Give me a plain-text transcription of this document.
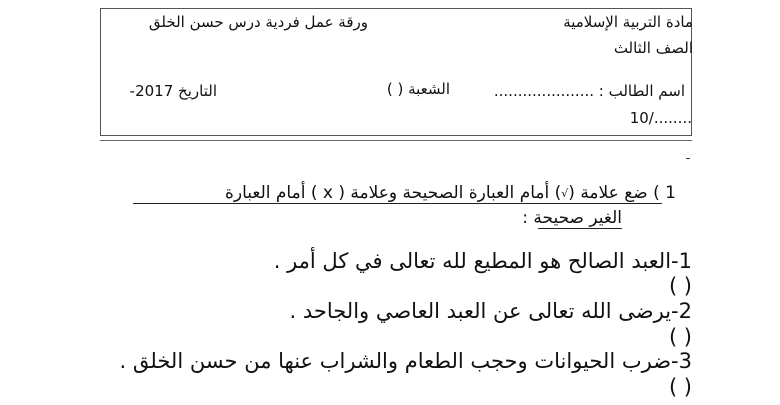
مادة التربية الإسلامية
ورقة عمل فردية درس حسن الخلق
الصف الثالث
اسم الطالب : .....................
الشعبة ( )
التاريخ 2017-
10/........
1 ) ضع علامة (√) أمام العبارة الصحيحة وعلامة ( x ) أمام العبارة
الغير صحيحة :
1-العبد الصالح هو المطيع لله تعالى في كل أمر .
( )
2-يرضى الله تعالى عن العبد العاصي والجاحد .
( )
3-ضرب الحيوانات وحجب الطعام والشراب عنها من حسن الخلق .
( )
